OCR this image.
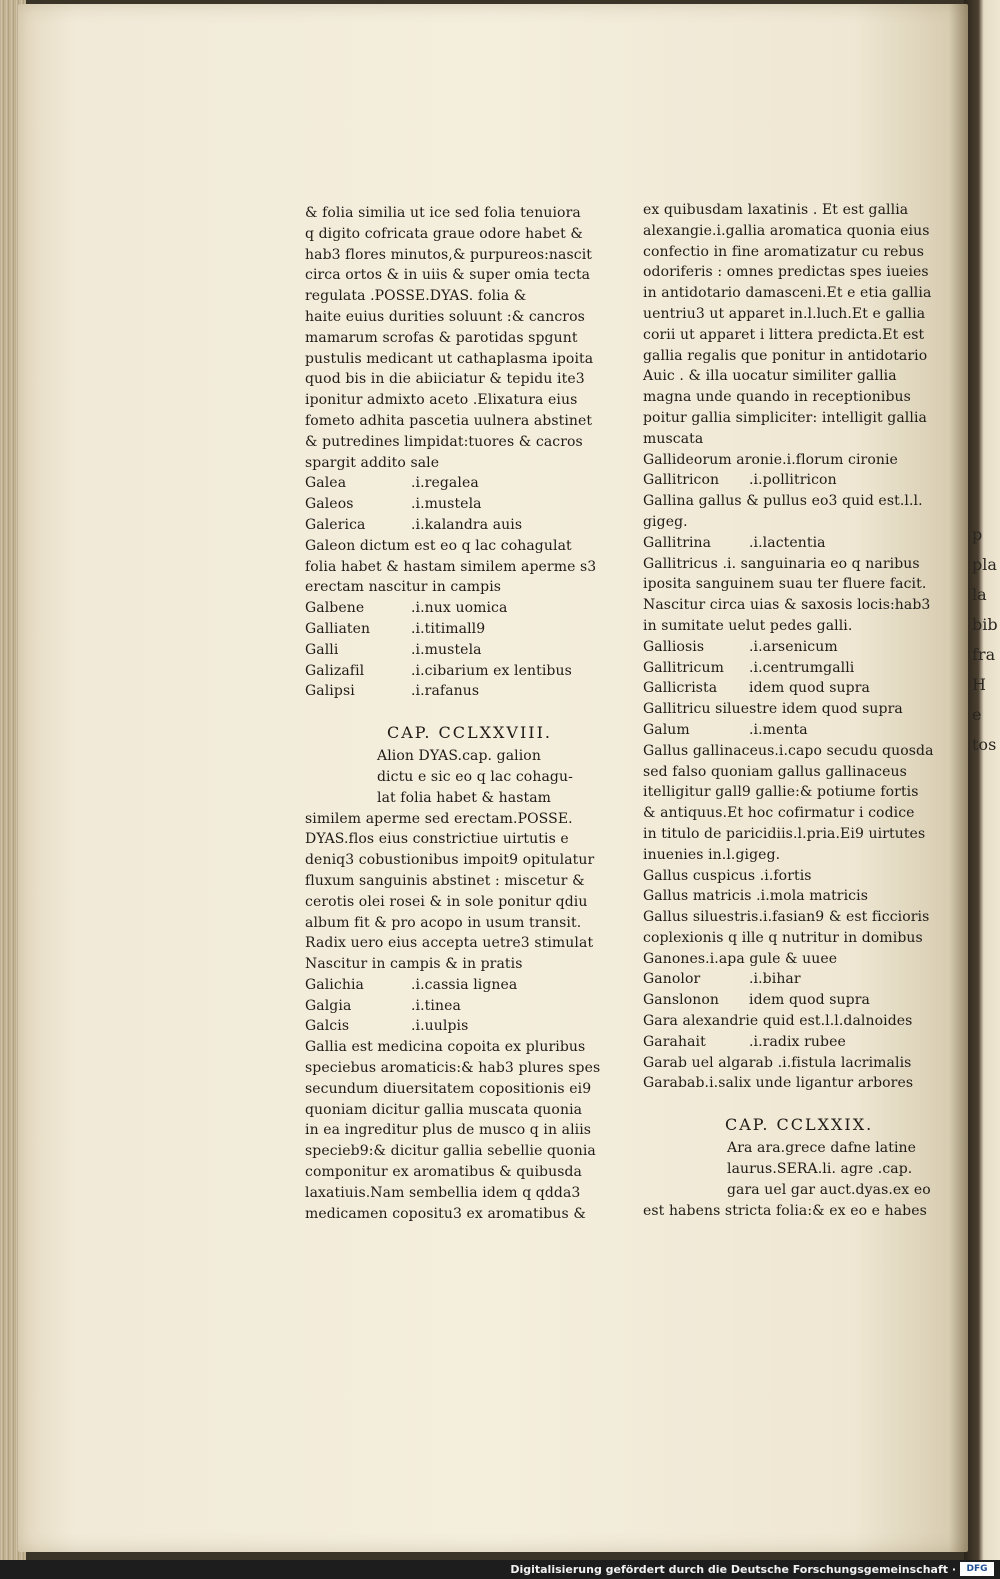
p
pla
la
bib
fra
H
e
tos
& folia similia ut ice sed folia tenuiora
q digito cofricata graue odore habet &
hab3 flores minutos,& purpureos:nascit
circa ortos & in uiis & super omia tecta
regulata .POSSE.DYAS. folia &
haite euius durities soluunt :& cancros
mamarum scrofas & parotidas spgunt
pustulis medicant ut cathaplasma ipoita
quod bis in die abiiciatur & tepidu ite3
iponitur admixto aceto .Elixatura eius
fometo adhita pascetia uulnera abstinet
& putredines limpidat:tuores & cacros
spargit addito sale
Galea	.i.regalea
Galeos	.i.mustela
Galerica	.i.kalandra auis
Galeon dictum est eo q lac cohagulat
folia habet & hastam similem aperme s3
erectam nascitur in campis
Galbene	.i.nux uomica
Galliaten	.i.titimall9
Galli	.i.mustela
Galizafil	.i.cibarium ex lentibus
Galipsi	.i.rafanus
CAP. CCLXXVIII.
Alion DYAS.cap. galion
dictu e sic eo q lac cohagu-
lat folia habet & hastam
similem aperme sed erectam.POSSE.
DYAS.flos eius constrictiue uirtutis e
deniq3 cobustionibus impoit9 opitulatur
fluxum sanguinis abstinet : miscetur &
cerotis olei rosei & in sole ponitur qdiu
album fit & pro acopo in usum transit.
Radix uero eius accepta uetre3 stimulat
Nascitur in campis & in pratis
Galichia	.i.cassia lignea
Galgia	.i.tinea
Galcis	.i.uulpis
Gallia est medicina copoita ex pluribus
speciebus aromaticis:& hab3 plures spes
secundum diuersitatem copositionis ei9
quoniam dicitur gallia muscata quonia
in ea ingreditur plus de musco q in aliis
specieb9:& dicitur gallia sebellie quonia
componitur ex aromatibus & quibusda
laxatiuis.Nam sembellia idem q qdda3
medicamen copositu3 ex aromatibus &
ex quibusdam laxatinis . Et est gallia
alexangie.i.gallia aromatica quonia eius
confectio in fine aromatizatur cu rebus
odoriferis : omnes predictas spes iueies
in antidotario damasceni.Et e etia gallia
uentriu3 ut apparet in.l.luch.Et e gallia
corii ut apparet i littera predicta.Et est
gallia regalis que ponitur in antidotario
Auic . & illa uocatur similiter gallia
magna unde quando in receptionibus
poitur gallia simpliciter: intelligit gallia
muscata
Gallideorum aronie.i.florum cironie
Gallitricon	.i.pollitricon
Gallina gallus & pullus eo3 quid est.l.l.
gigeg.
Gallitrina	.i.lactentia
Gallitricus .i. sanguinaria eo q naribus
iposita sanguinem suau ter fluere facit.
Nascitur circa uias & saxosis locis:hab3
in sumitate uelut pedes galli.
Galliosis	.i.arsenicum
Gallitricum	.i.centrumgalli
Gallicrista	idem quod supra
Gallitricu siluestre idem quod supra
Galum	.i.menta
Gallus gallinaceus.i.capo secudu quosda
sed falso quoniam gallus gallinaceus
itelligitur gall9 gallie:& potiume fortis
& antiquus.Et hoc cofirmatur i codice
in titulo de paricidiis.l.pria.Ei9 uirtutes
inuenies in.l.gigeg.
Gallus cuspicus .i.fortis
Gallus matricis .i.mola matricis
Gallus siluestris.i.fasian9 & est ficcioris
coplexionis q ille q nutritur in domibus
Ganones.i.apa gule & uuee
Ganolor	.i.bihar
Ganslonon	idem quod supra
Gara alexandrie quid est.l.l.dalnoides
Garahait	.i.radix rubee
Garab uel algarab .i.fistula lacrimalis
Garabab.i.salix unde ligantur arbores
CAP. CCLXXIX.
Ara ara.grece dafne latine
laurus.SERA.li. agre .cap.
gara uel gar auct.dyas.ex eo
est habens stricta folia:& ex eo e habes
Digitalisierung gefördert durch die Deutsche Forschungsgemeinschaft ·	DFG
